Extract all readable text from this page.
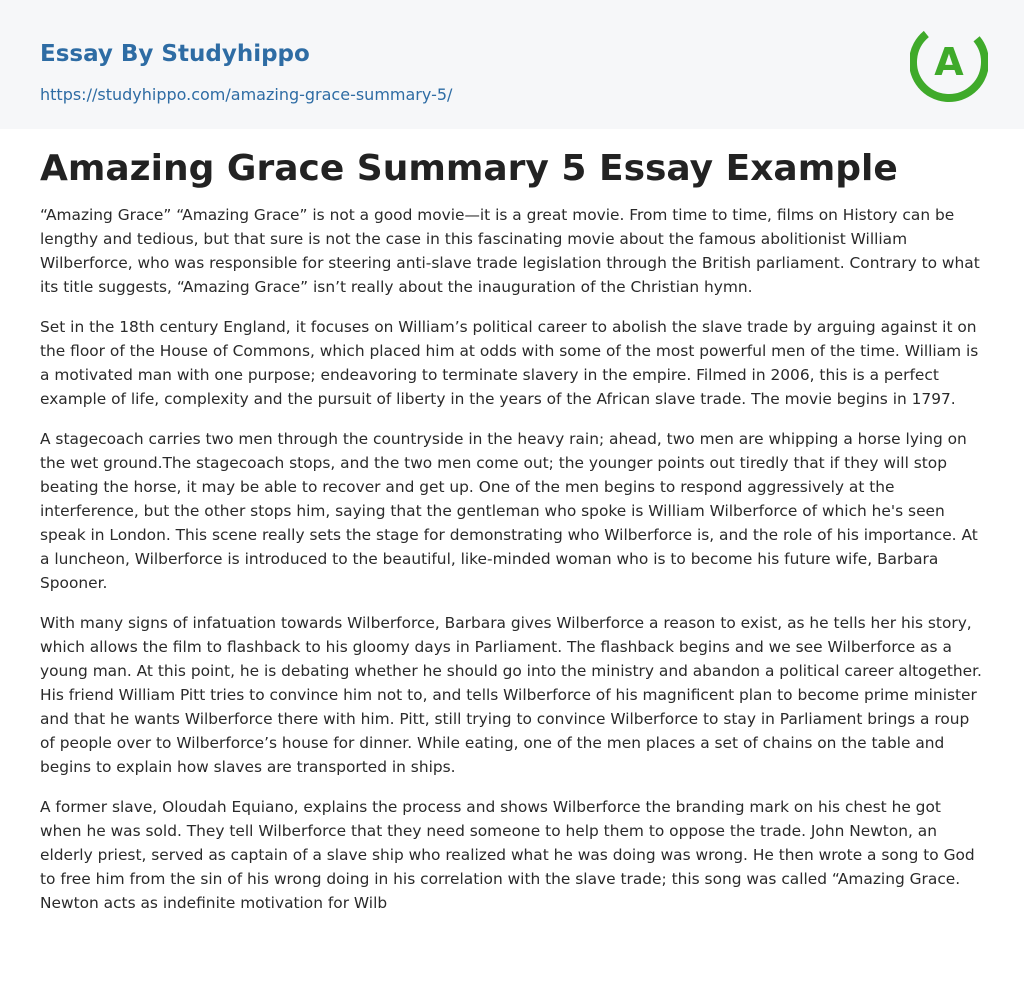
Essay By Studyhippo
https://studyhippo.com/amazing-grace-summary-5/
A
Amazing Grace Summary 5 Essay Example

“Amazing Grace” “Amazing Grace” is not a good movie—it is a great movie. From time to time, films on History can be lengthy and tedious, but that sure is not the case in this fascinating movie about the famous abolitionist William Wilberforce, who was responsible for steering anti-slave trade legislation through the British parliament. Contrary to what its title suggests, “Amazing Grace” isn’t really about the inauguration of the Christian hymn.

Set in the 18th century England, it focuses on William’s political career to abolish the slave trade by arguing against it on the floor of the House of Commons, which placed him at odds with some of the most powerful men of the time. William is a motivated man with one purpose; endeavoring to terminate slavery in the empire. Filmed in 2006, this is a perfect example of life, complexity and the pursuit of liberty in the years of the African slave trade. The movie begins in 1797.

A stagecoach carries two men through the countryside in the heavy rain; ahead, two men are whipping a horse lying on the wet ground.The stagecoach stops, and the two men come out; the younger points out tiredly that if they will stop beating the horse, it may be able to recover and get up. One of the men begins to respond aggressively at the interference, but the other stops him, saying that the gentleman who spoke is William Wilberforce of which he's seen speak in London. This scene really sets the stage for demonstrating who Wilberforce is, and the role of his importance. At a luncheon, Wilberforce is introduced to the beautiful, like-minded woman who is to become his future wife, Barbara Spooner.

With many signs of infatuation towards Wilberforce, Barbara gives Wilberforce a reason to exist, as he tells her his story, which allows the film to flashback to his gloomy days in Parliament. The flashback begins and we see Wilberforce as a young man. At this point, he is debating whether he should go into the ministry and abandon a political career altogether. His friend William Pitt tries to convince him not to, and tells Wilberforce of his magnificent plan to become prime minister and that he wants Wilberforce there with him. Pitt, still trying to convince Wilberforce to stay in Parliament brings a roup of people over to Wilberforce’s house for dinner. While eating, one of the men places a set of chains on the table and begins to explain how slaves are transported in ships.

A former slave, Oloudah Equiano, explains the process and shows Wilberforce the branding mark on his chest he got when he was sold. They tell Wilberforce that they need someone to help them to oppose the trade. John Newton, an elderly priest, served as captain of a slave ship who realized what he was doing was wrong. He then wrote a song to God to free him from the sin of his wrong doing in his correlation with the slave trade; this song was called “Amazing Grace. Newton acts as indefinite motivation for Wilb
